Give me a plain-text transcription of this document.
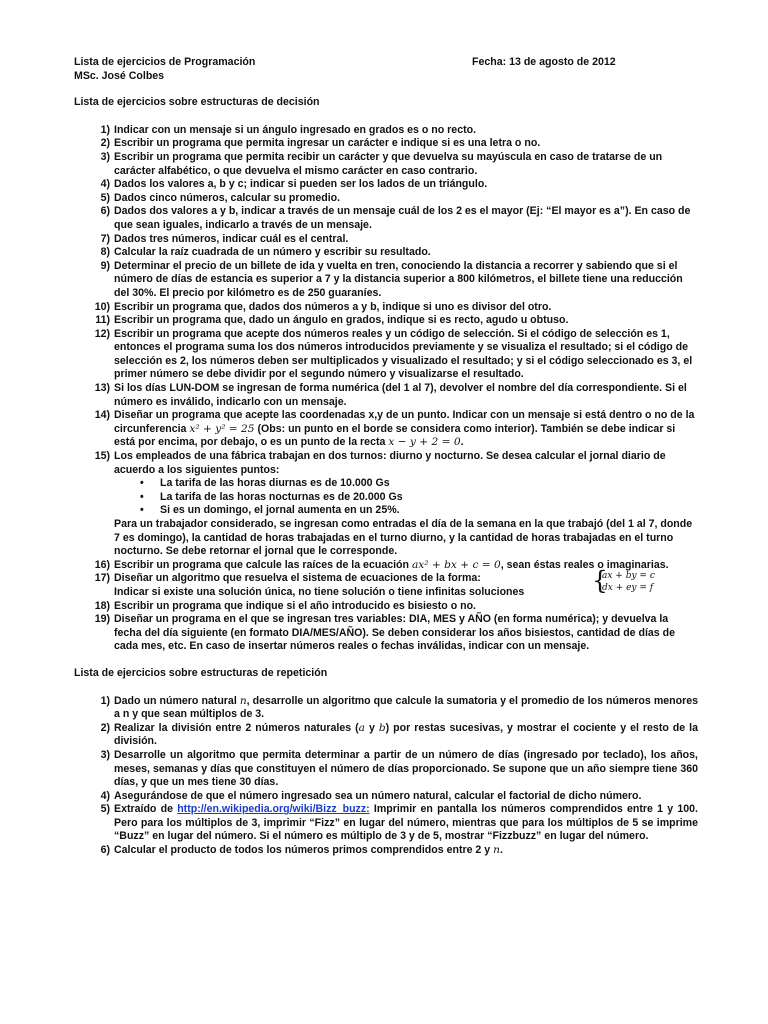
Lista de ejercicios de Programación	Fecha: 13 de agosto de 2012
MSc. José Colbes
Lista de ejercicios sobre estructuras de decisión
1) Indicar con un mensaje si un ángulo ingresado en grados es o no recto.
2) Escribir un programa que permita ingresar un carácter e indique si es una letra o no.
3) Escribir un programa que permita recibir un carácter y que devuelva su mayúscula en caso de tratarse de un carácter alfabético, o que devuelva el mismo carácter en caso contrario.
4) Dados los valores a, b y c; indicar si pueden ser los lados de un triángulo.
5) Dados cinco números, calcular su promedio.
6) Dados dos valores a y b, indicar a través de un mensaje cuál de los 2 es el mayor (Ej: “El mayor es a”). En caso de que sean iguales, indicarlo a través de un mensaje.
7) Dados tres números, indicar cuál es el central.
8) Calcular la raíz cuadrada de un número y escribir su resultado.
9) Determinar el precio de un billete de ida y vuelta en tren, conociendo la distancia a recorrer y sabiendo que si el número de días de estancia es superior a 7 y la distancia superior a 800 kilómetros, el billete tiene una reducción del 30%. El precio por kilómetro es de 250 guaraníes.
10) Escribir un programa que, dados dos números a y b, indique si uno es divisor del otro.
11) Escribir un programa que, dado un ángulo en grados, indique si es recto, agudo u obtuso.
12) Escribir un programa que acepte dos números reales y un código de selección. Si el código de selección es 1, entonces el programa suma los dos números introducidos previamente y se visualiza el resultado; si el código de selección es 2, los números deben ser multiplicados y visualizado el resultado; y si el código seleccionado es 3, el primer número se debe dividir por el segundo número y visualizarse el resultado.
13) Si los días LUN-DOM se ingresan de forma numérica (del 1 al 7), devolver el nombre del día correspondiente. Si el número es inválido, indicarlo con un mensaje.
14) Diseñar un programa que acepte las coordenadas x,y de un punto. Indicar con un mensaje si está dentro o no de la circunferencia x² + y² = 25 (Obs: un punto en el borde se considera como interior). También se debe indicar si está por encima, por debajo, o es un punto de la recta x − y + 2 = 0.
15) Los empleados de una fábrica trabajan en dos turnos: diurno y nocturno. Se desea calcular el jornal diario de acuerdo a los siguientes puntos:
• La tarifa de las horas diurnas es de 10.000 Gs
• La tarifa de las horas nocturnas es de 20.000 Gs
• Si es un domingo, el jornal aumenta en un 25%.
Para un trabajador considerado, se ingresan como entradas el día de la semana en la que trabajó (del 1 al 7, donde 7 es domingo), la cantidad de horas trabajadas en el turno diurno, y la cantidad de horas trabajadas en el turno nocturno. Se debe retornar el jornal que le corresponde.
16) Escribir un programa que calcule las raíces de la ecuación ax² + bx + c = 0, sean éstas reales o imaginarias.
17) Diseñar un algoritmo que resuelva el sistema de ecuaciones de la forma:
Indicar si existe una solución única, no tiene solución o tiene infinitas soluciones	{
ax + by = c
dx + ey = f
18) Escribir un programa que indique si el año introducido es bisiesto o no.
19) Diseñar un programa en el que se ingresan tres variables: DIA, MES y AÑO (en forma numérica); y devuelva la fecha del día siguiente (en formato DIA/MES/AÑO). Se deben considerar los años bisiestos, cantidad de días de cada mes, etc. En caso de insertar números reales o fechas inválidas, indicar con un mensaje.
Lista de ejercicios sobre estructuras de repetición
1) Dado un número natural n, desarrolle un algoritmo que calcule la sumatoria y el promedio de los números menores a n y que sean múltiplos de 3.
2) Realizar la división entre 2 números naturales (a y b) por restas sucesivas, y mostrar el cociente y el resto de la división.
3) Desarrolle un algoritmo que permita determinar a partir de un número de días (ingresado por teclado), los años, meses, semanas y días que constituyen el número de días proporcionado. Se supone que un año siempre tiene 360 días, y que un mes tiene 30 días.
4) Asegurándose de que el número ingresado sea un número natural, calcular el factorial de dicho número.
5) Extraído de http://en.wikipedia.org/wiki/Bizz_buzz: Imprimir en pantalla los números comprendidos entre 1 y 100. Pero para los múltiplos de 3, imprimir “Fizz” en lugar del número, mientras que para los múltiplos de 5 se imprime “Buzz” en lugar del número. Si el número es múltiplo de 3 y de 5, mostrar “Fizzbuzz” en lugar del número.
6) Calcular el producto de todos los números primos comprendidos entre 2 y n.
